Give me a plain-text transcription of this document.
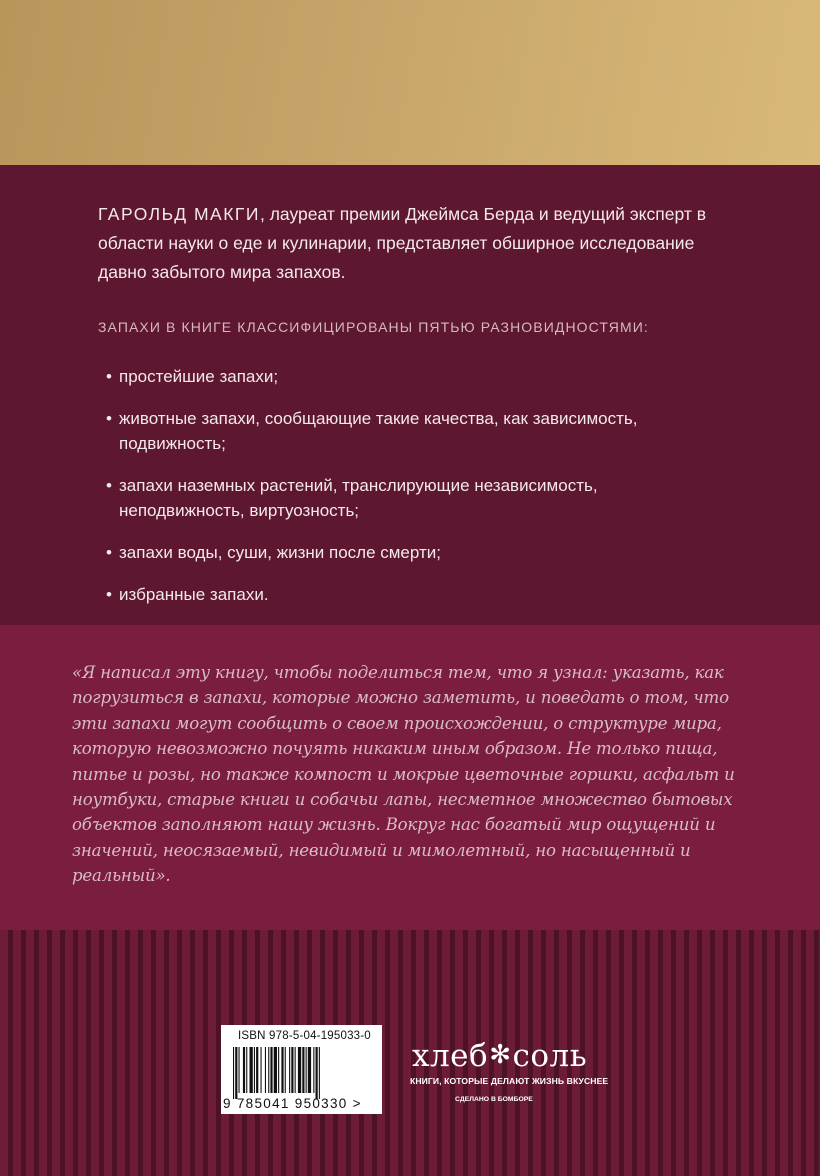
ГАРОЛЬД МАКГИ, лауреат премии Джеймса Берда и ведущий эксперт в области науки о еде и кулинарии, представляет обширное исследование давно забытого мира запахов.

ЗАПАХИ В КНИГЕ КЛАССИФИЦИРОВАНЫ ПЯТЬЮ РАЗНОВИДНОСТЯМИ:
• простейшие запахи;
• животные запахи, сообщающие такие качества, как зависимость, подвижность;
• запахи наземных растений, транслирующие независимость, неподвижность, виртуозность;
• запахи воды, суши, жизни после смерти;
• избранные запахи.

«Я написал эту книгу, чтобы поделиться тем, что я узнал: указать, как погрузиться в запахи, которые можно заметить, и поведать о том, что эти запахи могут сообщить о своем происхождении, о структуре мира, которую невозможно почуять никаким иным образом. Не только пища, питье и розы, но также компост и мокрые цветочные горшки, асфальт и ноутбуки, старые книги и собачьи лапы, несметное множество бытовых объектов заполняют нашу жизнь. Вокруг нас богатый мир ощущений и значений, неосязаемый, невидимый и мимолетный, но насыщенный и реальный».

ISBN 978-5-04-195033-0
9 785041 950330 >
хлеб✻соль
КНИГИ, КОТОРЫЕ ДЕЛАЮТ ЖИЗНЬ ВКУСНЕЕ
СДЕЛАНО В БОМБОРЕ
